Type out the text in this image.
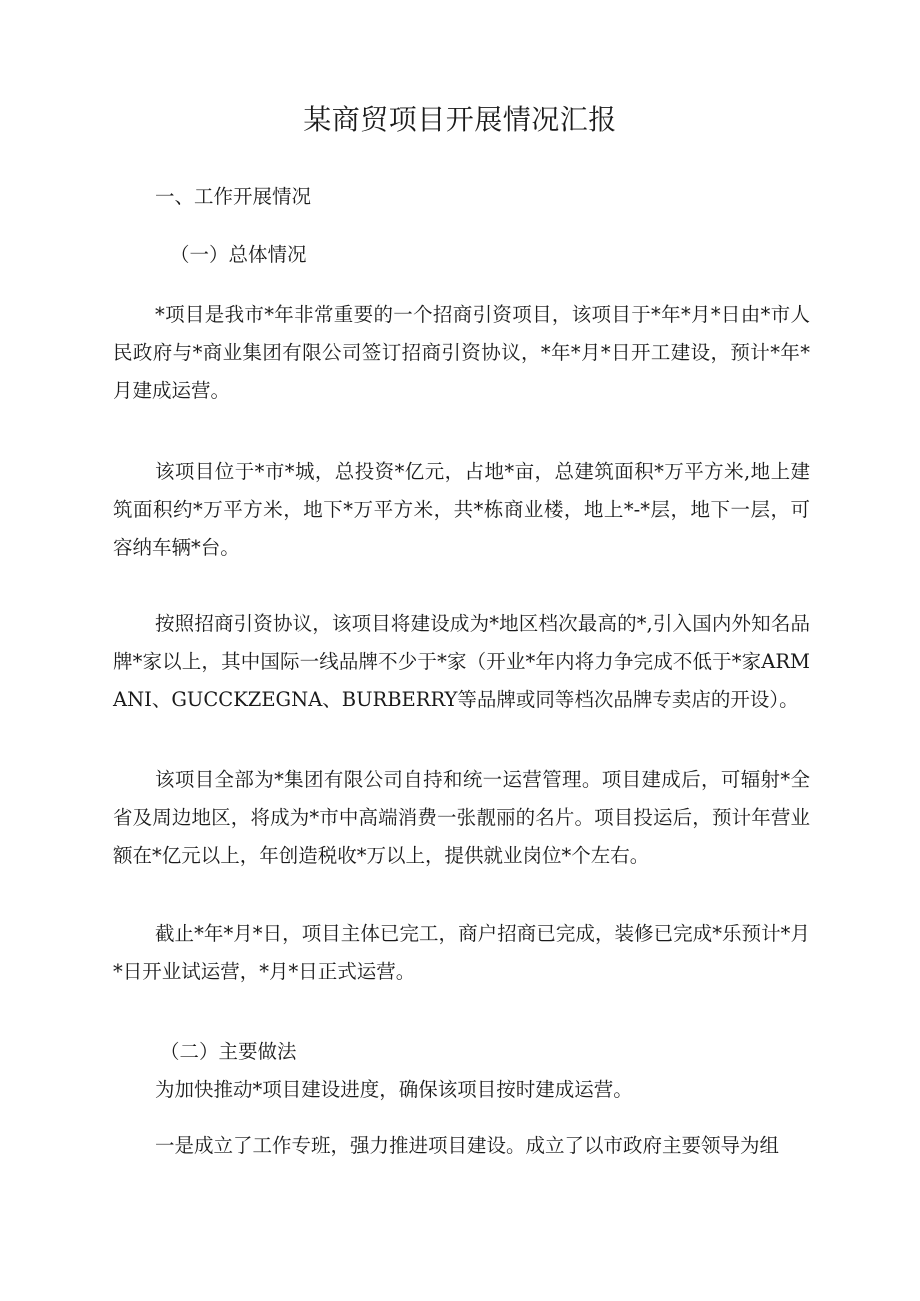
某商贸项目开展情况汇报
一、工作开展情况
（一）总体情况
*项目是我市*年非常重要的一个招商引资项目，该项目于*年*月*日由*市人民政府与*商业集团有限公司签订招商引资协议，*年*月*日开工建设，预计*年*月建成运营。
该项目位于*市*城，总投资*亿元，占地*亩，总建筑面积*万平方米,地上建筑面积约*万平方米，地下*万平方米，共*栋商业楼，地上*-*层，地下一层，可容纳车辆*台。
按照招商引资协议，该项目将建设成为*地区档次最高的*,引入国内外知名品牌*家以上，其中国际一线品牌不少于*家（开业*年内将力争完成不低于*家ARMANI、GUCCKZEGNA、BURBERRY等品牌或同等档次品牌专卖店的开设）。
该项目全部为*集团有限公司自持和统一运营管理。项目建成后，可辐射*全省及周边地区，将成为*市中高端消费一张靓丽的名片。项目投运后，预计年营业额在*亿元以上，年创造税收*万以上，提供就业岗位*个左右。
截止*年*月*日，项目主体已完工，商户招商已完成，装修已完成*乐预计*月*日开业试运营，*月*日正式运营。
（二）主要做法
为加快推动*项目建设进度，确保该项目按时建成运营。
一是成立了工作专班，强力推进项目建设。成立了以市政府主要领导为组
